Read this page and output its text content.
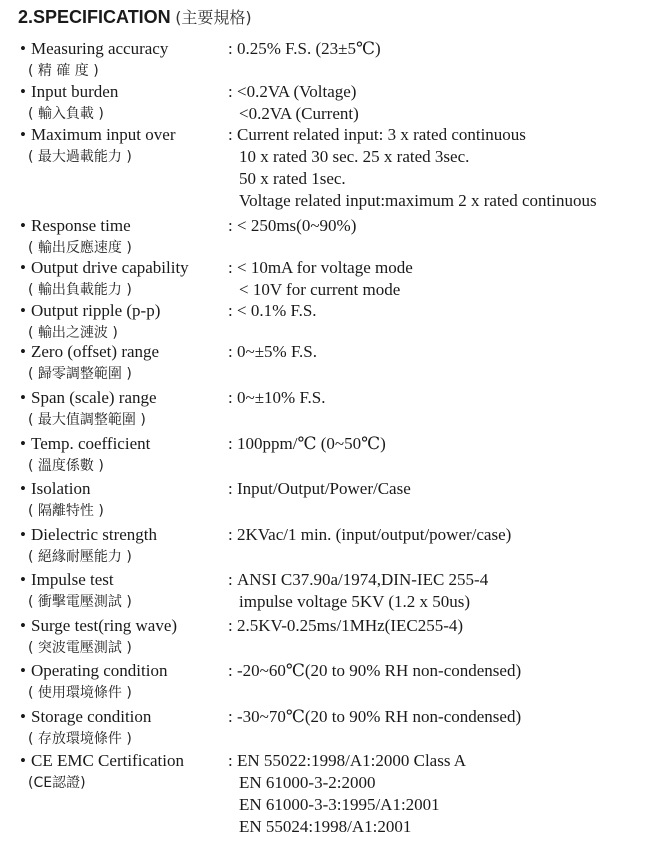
2.SPECIFICATION (主要規格)
• Measuring accuracy
( 精 確 度 )
: 0.25% F.S. (23±5℃)
• Input burden
( 輸入負載 )
: <0.2VA (Voltage)
<0.2VA (Current)
• Maximum input over
( 最大過載能力 )
: Current related input: 3 x rated continuous
10 x rated 30 sec. 25 x rated 3sec.
50 x rated 1sec.
Voltage related input:maximum 2 x rated continuous
• Response time
( 輸出反應速度 )
: < 250ms(0~90%)
• Output drive capability
( 輸出負載能力 )
: < 10mA for voltage mode
< 10V for current mode
• Output ripple (p-p)
( 輸出之漣波 )
: < 0.1% F.S.
• Zero (offset) range
( 歸零調整範圍 )
: 0~±5% F.S.
• Span (scale) range
( 最大值調整範圍 )
: 0~±10% F.S.
• Temp. coefficient
( 溫度係數 )
: 100ppm/℃ (0~50℃)
• Isolation
( 隔離特性 )
: Input/Output/Power/Case
• Dielectric strength
( 絕緣耐壓能力 )
: 2KVac/1 min. (input/output/power/case)
• Impulse test
( 衝擊電壓測試 )
: ANSI C37.90a/1974,DIN-IEC 255-4
impulse voltage 5KV (1.2 x 50us)
• Surge test(ring wave)
( 突波電壓測試 )
: 2.5KV-0.25ms/1MHz(IEC255-4)
• Operating condition
( 使用環境條件 )
: -20~60℃(20 to 90% RH non-condensed)
• Storage condition
( 存放環境條件 )
: -30~70℃(20 to 90% RH non-condensed)
• CE EMC Certification
(CE認證)
: EN 55022:1998/A1:2000 Class A
EN 61000-3-2:2000
EN 61000-3-3:1995/A1:2001
EN 55024:1998/A1:2001
